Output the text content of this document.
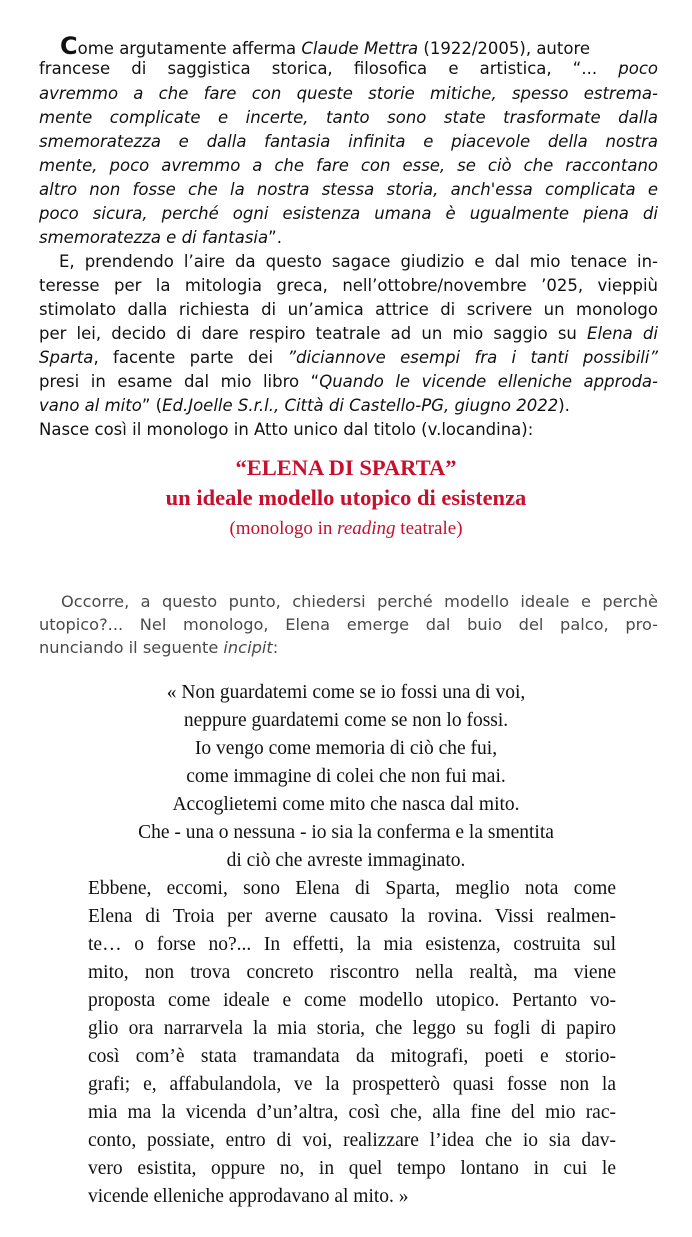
Come argutamente afferma Claude Mettra (1922/2005), autore
francese di saggistica storica, filosofica e artistica, “... poco
avremmo a che fare con queste storie mitiche, spesso estrema-
mente complicate e incerte, tanto sono state trasformate dalla
smemoratezza e dalla fantasia infinita e piacevole della nostra
mente, poco avremmo a che fare con esse, se ciò che raccontano
altro non fosse che la nostra stessa storia, anch'essa complicata e
poco sicura, perché ogni esistenza umana è ugualmente piena di
smemoratezza e di fantasia”.
E, prendendo l’aire da questo sagace giudizio e dal mio tenace in-
teresse per la mitologia greca, nell’ottobre/novembre ’025, vieppiù
stimolato dalla richiesta di un’amica attrice di scrivere un monologo
per lei, decido di dare respiro teatrale ad un mio saggio su Elena di
Sparta, facente parte dei ”diciannove esempi fra i tanti possibili”
presi in esame dal mio libro “Quando le vicende elleniche approda-
vano al mito” (Ed.Joelle S.r.l., Città di Castello-PG, giugno 2022).
Nasce così il monologo in Atto unico dal titolo (v.locandina):
“ELENA DI SPARTA”
un ideale modello utopico di esistenza
(monologo in reading teatrale)
Occorre, a questo punto, chiedersi perché modello ideale e perchè
utopico?... Nel monologo, Elena emerge dal buio del palco, pro-
nunciando il seguente incipit:
« Non guardatemi come se io fossi una di voi,
neppure guardatemi come se non lo fossi.
Io vengo come memoria di ciò che fui,
come immagine di colei che non fui mai.
Accoglietemi come mito che nasca dal mito.
Che - una o nessuna - io sia la conferma e la smentita
di ciò che avreste immaginato.
Ebbene, eccomi, sono Elena di Sparta, meglio nota come
Elena di Troia per averne causato la rovina. Vissi realmen-
te… o forse no?... In effetti, la mia esistenza, costruita sul
mito, non trova concreto riscontro nella realtà, ma viene
proposta come ideale e come modello utopico. Pertanto vo-
glio ora narrarvela la mia storia, che leggo su fogli di papiro
così com’è stata tramandata da mitografi, poeti e storio-
grafi; e, affabulandola, ve la prospetterò quasi fosse non la
mia ma la vicenda d’un’altra, così che, alla fine del mio rac-
conto, possiate, entro di voi, realizzare l’idea che io sia dav-
vero esistita, oppure no, in quel tempo lontano in cui le
vicende elleniche approdavano al mito. »
